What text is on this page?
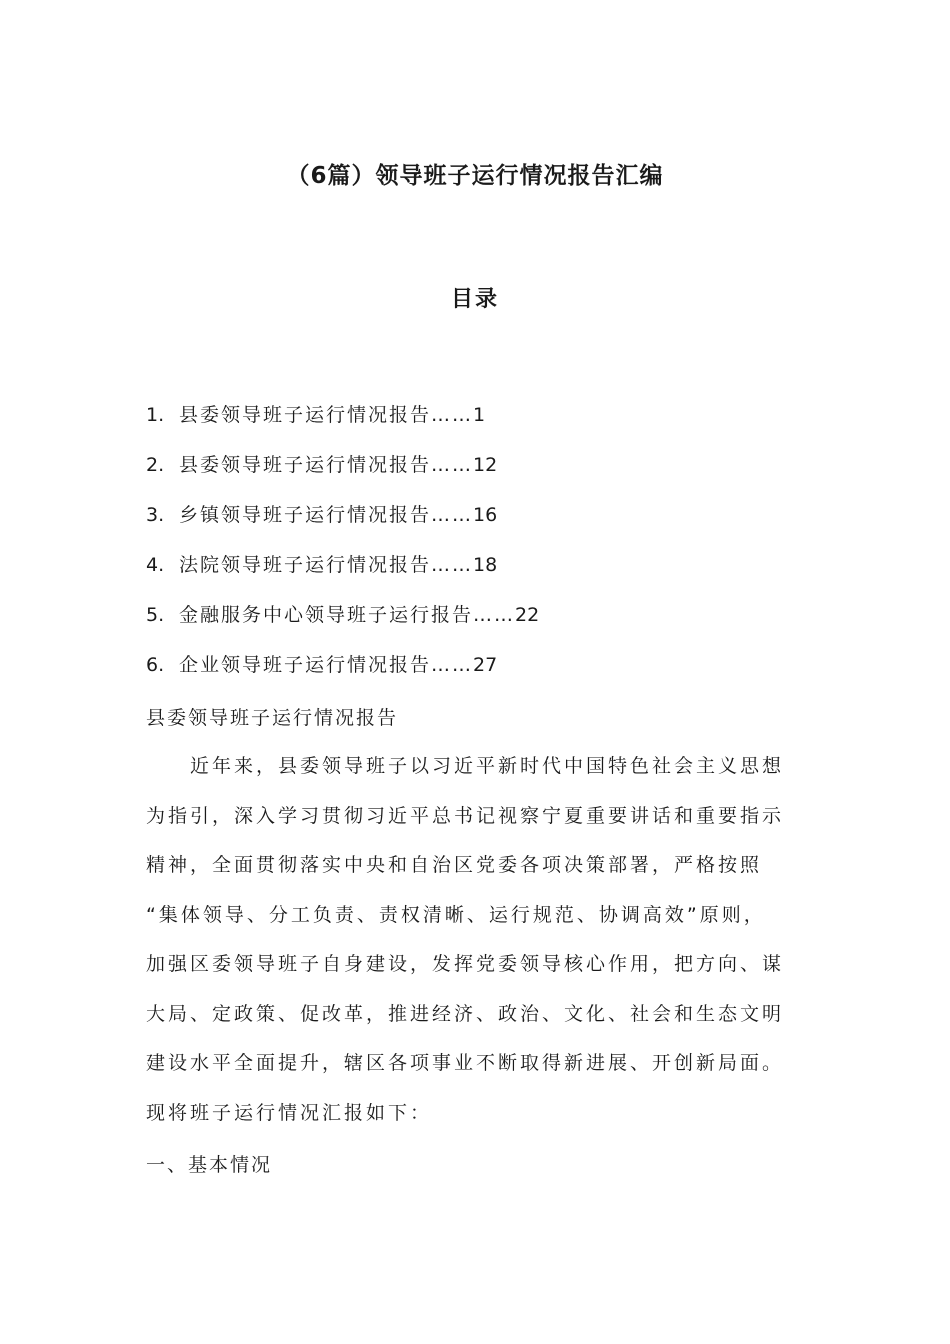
（6篇）领导班子运行情况报告汇编
目录
1. 县委领导班子运行情况报告……1
2. 县委领导班子运行情况报告……12
3. 乡镇领导班子运行情况报告……16
4. 法院领导班子运行情况报告……18
5. 金融服务中心领导班子运行报告……22
6. 企业领导班子运行情况报告……27
县委领导班子运行情况报告
近年来，县委领导班子以习近平新时代中国特色社会主义思想
为指引，深入学习贯彻习近平总书记视察宁夏重要讲话和重要指示
精神，全面贯彻落实中央和自治区党委各项决策部署，严格按照
“集体领导、分工负责、责权清晰、运行规范、协调高效”原则，
加强区委领导班子自身建设，发挥党委领导核心作用，把方向、谋
大局、定政策、促改革，推进经济、政治、文化、社会和生态文明
建设水平全面提升，辖区各项事业不断取得新进展、开创新局面。
现将班子运行情况汇报如下：
一、基本情况
